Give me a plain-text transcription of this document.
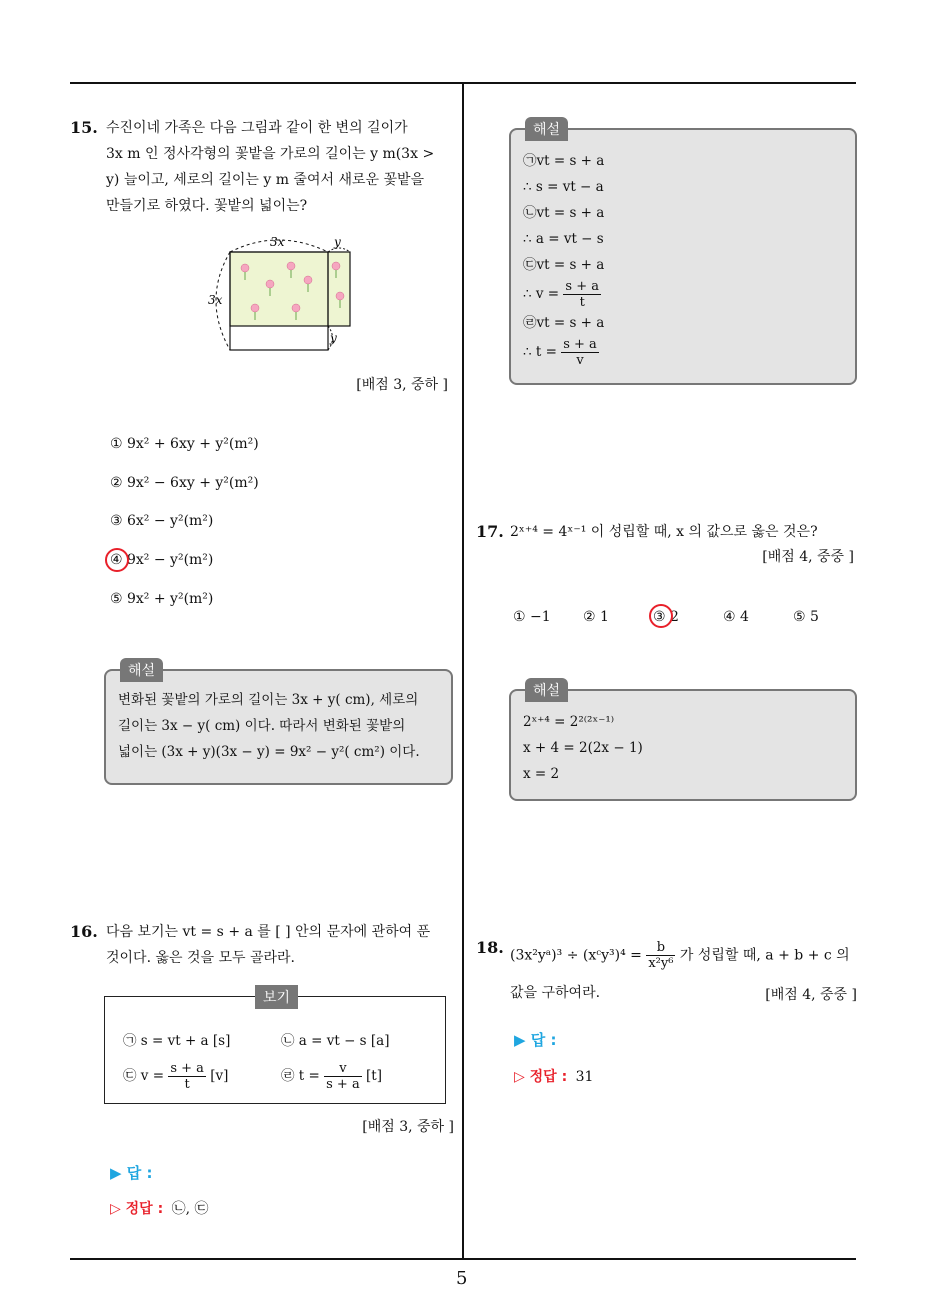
15. 수진이네 가족은 다음 그림과 같이 한 변의 길이가
3x m 인 정사각형의 꽃밭을 가로의 길이는 y m(3x >
y) 늘이고, 세로의 길이는 y m 줄여서 새로운 꽃밭을
만들기로 하였다. 꽃밭의 넓이는?
3x	y
3x
y
[배점 3, 중하 ]
① 9x² + 6xy + y²(m²)
② 9x² − 6xy + y²(m²)
③ 6x² − y²(m²)
④ 9x² − y²(m²)
⑤ 9x² + y²(m²)
해설
변화된 꽃밭의 가로의 길이는 3x + y( cm), 세로의
길이는 3x − y( cm) 이다. 따라서 변화된 꽃밭의
넓이는 (3x + y)(3x − y) = 9x² − y²( cm²) 이다.
16. 다음 보기는 vt = s + a 를 [ ] 안의 문자에 관하여 푼
것이다. 옳은 것을 모두 골라라.
보기
㉠ s = vt + a [s]	㉡ a = vt − s [a]
㉢ $v = \frac{s + a}{t} [v]$	㉣ $t = \frac{v}{s + a} [t]$
[배점 3, 중하 ]
▶ 답 :
▷ 정답 : ㉡, ㉢
해설
㉠vt = s + a
∴ s = vt − a
㉡vt = s + a
∴ a = vt − s
㉢vt = s + a
∴ $v = \frac{s + a}{t}$
㉣vt = s + a
∴ $t = \frac{s + a}{v}$
17. 2ˣ⁺⁴ = 4ˣ⁻¹ 이 성립할 때, x 의 값으로 옳은 것은?
[배점 4, 중중 ]
① −1 ② 1	③ 2	④ 4	⑤ 5
해설
2ˣ⁺⁴ = 2²⁽²ˣ⁻¹⁾
x + 4 = 2(2x − 1)
x = 2
18. (3x²yᵃ)³ ÷ (xᶜy³)⁴ = $\frac{b}{\text{x²y⁶}}$ 가 성립할 때, a + b + c 의
값을 구하여라.	[배점 4, 중중 ]
▶ 답 :
▷ 정답 : 31
5
